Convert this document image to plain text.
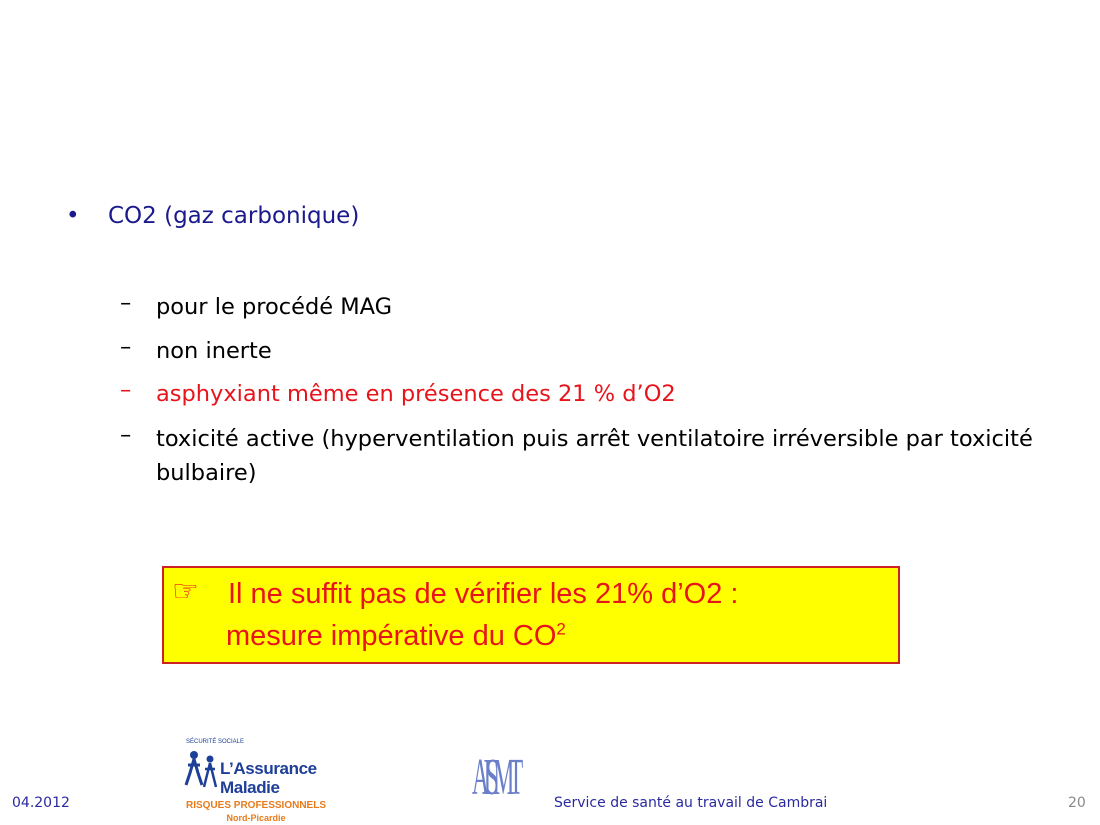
• CO2 (gaz carbonique)
– pour le procédé MAG
– non inerte
– asphyxiant même en présence des 21 % d’O2
– toxicité active (hyperventilation puis arrêt ventilatoire irréversible par toxicité bulbaire)
☞ Il ne suffit pas de vérifier les 21% d’O2 :
mesure impérative du $CO^2$
SÉCURITÉ SOCIALE
L’Assurance
Maladie
RISQUES PROFESSIONNELS
Nord-Picardie
AISMT
04.2012	Service de santé au travail de Cambrai	20
